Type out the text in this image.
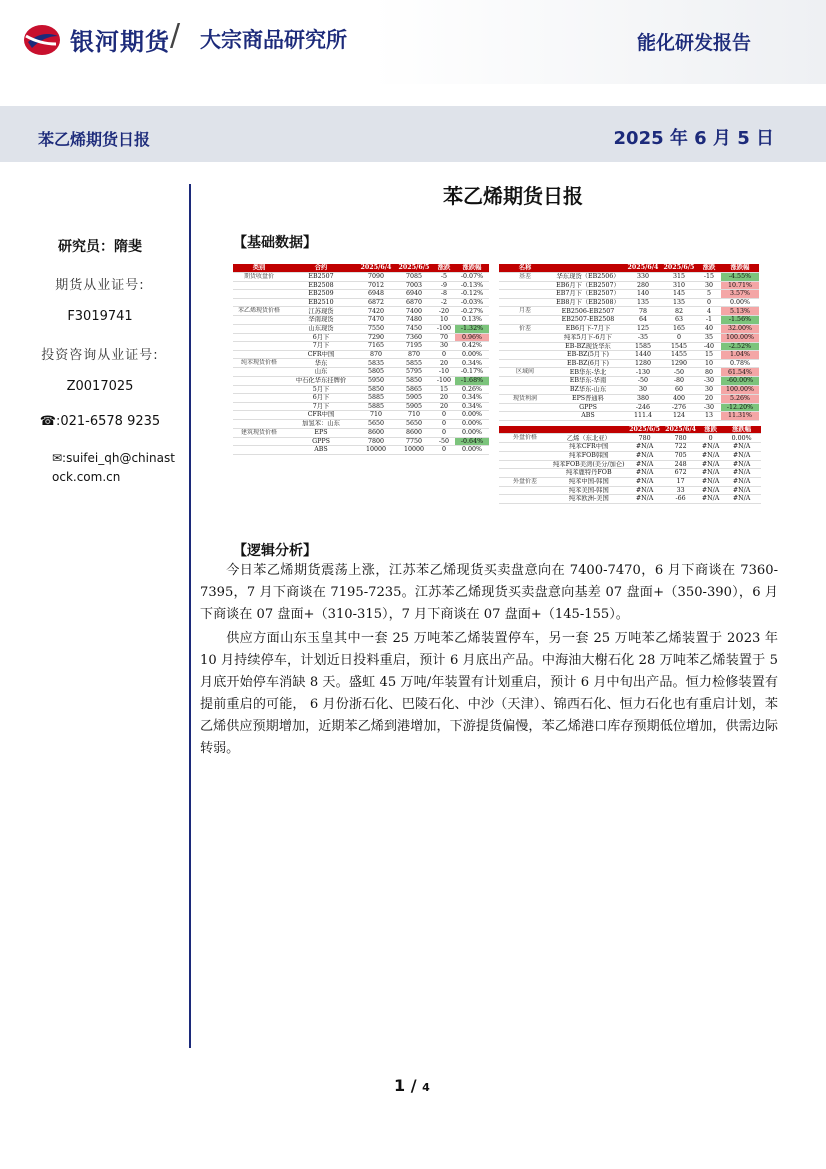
银河期货 / 大宗商品研究所	能化研发报告
苯乙烯期货日报	2025 年 6 月 5 日
研究员：隋斐
期货从业证号:
F3019741
投资咨询从业证号:
Z0017025
☎:021-6578 9235
✉:suifei_qh@chinastock.com.cn
苯乙烯期货日报
【基础数据】
类别	合约	2025/6/4	2025/6/5	涨跌	涨跌幅
期货收盘价	EB2507	7090	7085	-5	-0.07%
	EB2508	7012	7003	-9	-0.13%
	EB2509	6948	6940	-8	-0.12%
	EB2510	6872	6870	-2	-0.03%
苯乙烯现货价格	江苏现货	7420	7400	-20	-0.27%
	华南现货	7470	7480	10	0.13%
	山东现货	7550	7450	-100	-1.32%
	6月下	7290	7360	70	0.96%
	7月下	7165	7195	30	0.42%
	CFR中国	870	870	0	0.00%
纯苯现货价格	华东	5835	5855	20	0.34%
	山东	5805	5795	-10	-0.17%
	中石化华东挂牌价	5950	5850	-100	-1.68%
	5月下	5850	5865	15	0.26%
	6月下	5885	5905	20	0.34%
	7月下	5885	5905	20	0.34%
	CFR中国	710	710	0	0.00%
	加氢苯：山东	5650	5650	0	0.00%
建筑现货价格	EPS	8600	8600	0	0.00%
	GPPS	7800	7750	-50	-0.64%
	ABS	10000	10000	0	0.00%
名称		2025/6/4	2025/6/5	涨跌	涨跌幅
基差	华东现货（EB2506）	330	315	-15	-4.55%
	EB6月下（EB2507）	280	310	30	10.71%
	EB7月下（EB2507）	140	145	5	3.57%
	EB8月下（EB2508）	135	135	0	0.00%
月差	EB2506-EB2507	78	82	4	5.13%
	EB2507-EB2508	64	63	-1	-1.56%
价差	EB6月下-7月下	125	165	40	32.00%
	纯苯5月下-6月下	-35	0	35	100.00%
	EB-BZ现货华东	1585	1545	-40	-2.52%
	EB-BZ(5月下)	1440	1455	15	1.04%
	EB-BZ(6月下)	1280	1290	10	0.78%
区域间	EB华东-华北	-130	-50	80	61.54%
	EB华东-华南	-50	-80	-30	-60.00%
	BZ华东-山东	30	60	30	100.00%
现货利润	EPS普通料	380	400	20	5.26%
	GPPS	-246	-276	-30	-12.20%
	ABS	111.4	124	13	11.31%
		2025/6/5	2025/6/4	涨跌	涨跌幅
外盘价格	乙烯（东北亚）	780	780	0	0.00%
	纯苯CFR中国	#N/A	722	#N/A	#N/A
	纯苯FOB韩国	#N/A	705	#N/A	#N/A
	纯苯FOB美湾(美分/加仑)	#N/A	248	#N/A	#N/A
	纯苯鹿特丹FOB	#N/A	672	#N/A	#N/A
外盘价差	纯苯中国-韩国	#N/A	17	#N/A	#N/A
	纯苯美国-韩国	#N/A	33	#N/A	#N/A
	纯苯欧洲-美国	#N/A	-66	#N/A	#N/A
【逻辑分析】

今日苯乙烯期货震荡上涨，江苏苯乙烯现货买卖盘意向在 7400-7470，6 月下商谈在 7360-7395，7 月下商谈在 7195-7235。江苏苯乙烯现货买卖盘意向基差 07 盘面+（350-390），6 月下商谈在 07 盘面+（310-315），7 月下商谈在 07 盘面+（145-155）。

供应方面山东玉皇其中一套 25 万吨苯乙烯装置停车，另一套 25 万吨苯乙烯装置于 2023 年 10 月持续停车，计划近日投料重启，预计 6 月底出产品。中海油大榭石化 28 万吨苯乙烯装置于 5 月底开始停车消缺 8 天。盛虹 45 万吨/年装置有计划重启，预计 6 月中旬出产品。恒力检修装置有提前重启的可能， 6 月份浙石化、巴陵石化、中沙（天津）、锦西石化、恒力石化也有重启计划，苯乙烯供应预期增加，近期苯乙烯到港增加，下游提货偏慢，苯乙烯港口库存预期低位增加，供需边际转弱。

1 / 4
